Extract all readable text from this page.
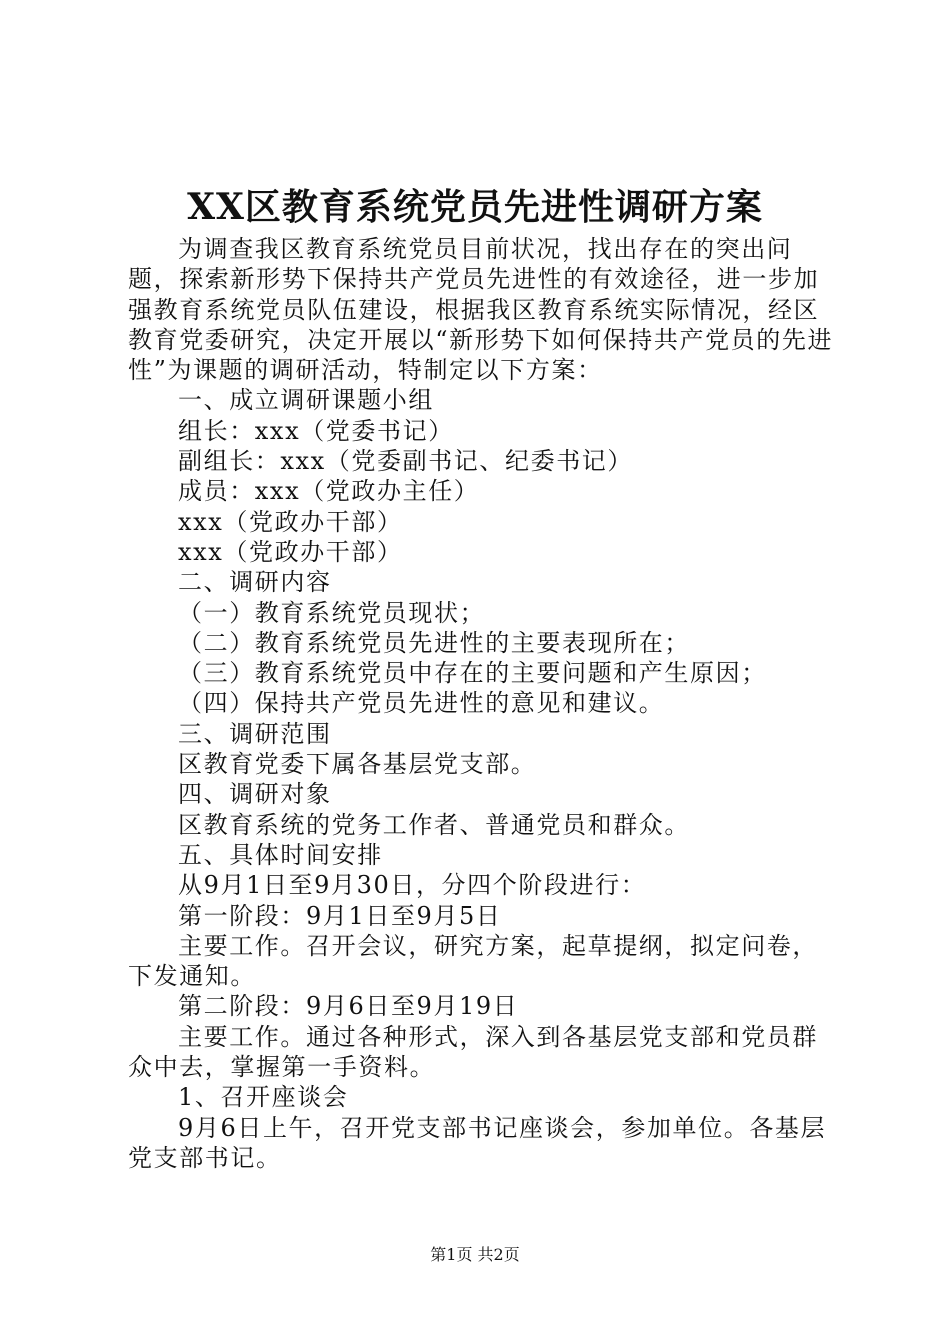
XX区教育系统党员先进性调研方案

为调查我区教育系统党员目前状况，找出存在的突出问题，探索新形势下保持共产党员先进性的有效途径，进一步加强教育系统党员队伍建设，根据我区教育系统实际情况，经区教育党委研究，决定开展以“新形势下如何保持共产党员的先进性”为课题的调研活动，特制定以下方案：

一、成立调研课题小组

组长：xxx（党委书记）

副组长：xxx（党委副书记、纪委书记）

成员：xxx（党政办主任）

xxx（党政办干部）

xxx（党政办干部）

二、调研内容

（一）教育系统党员现状；

（二）教育系统党员先进性的主要表现所在；

（三）教育系统党员中存在的主要问题和产生原因；

（四）保持共产党员先进性的意见和建议。

三、调研范围

区教育党委下属各基层党支部。

四、调研对象

区教育系统的党务工作者、普通党员和群众。

五、具体时间安排

从9月1日至9月30日，分四个阶段进行：

第一阶段：9月1日至9月5日

主要工作。召开会议，研究方案，起草提纲，拟定问卷，下发通知。

第二阶段：9月6日至9月19日

主要工作。通过各种形式，深入到各基层党支部和党员群众中去，掌握第一手资料。

1、召开座谈会

9月6日上午，召开党支部书记座谈会，参加单位。各基层党支部书记。

第1页 共2页
